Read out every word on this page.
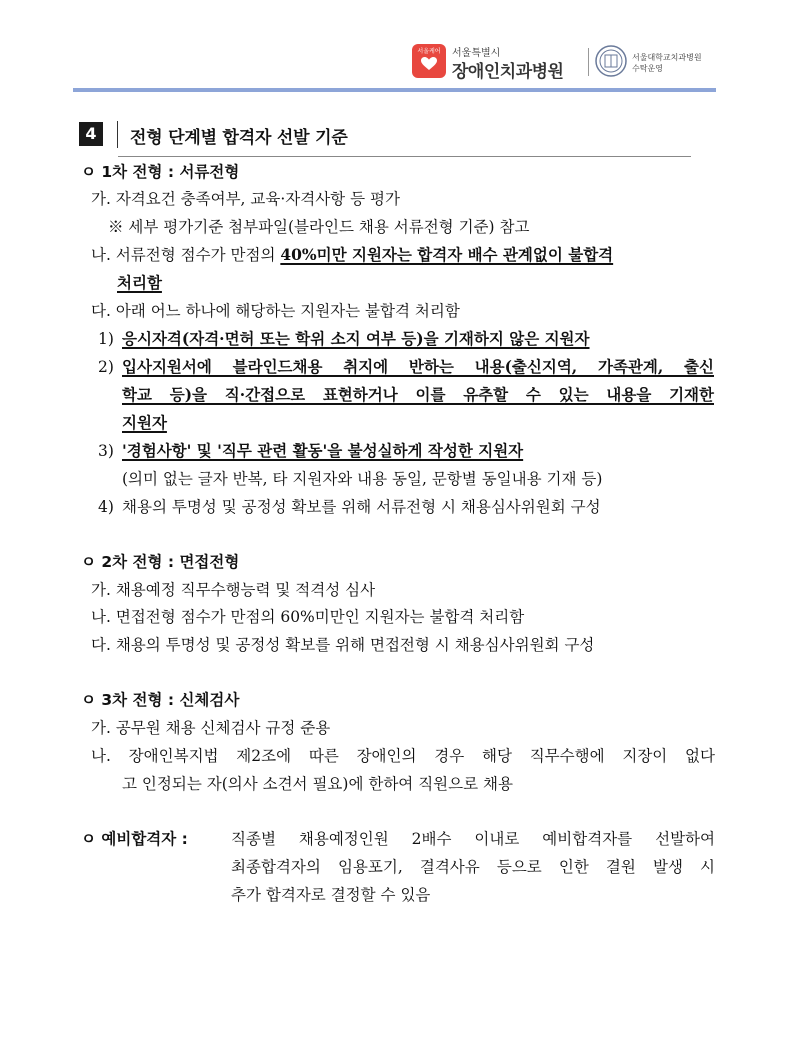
서울케어	서울특별시
장애인치과병원
서울대학교치과병원
수탁운영
4	전형 단계별 합격자 선발 기준
ㅇ 1차 전형 : 서류전형
가. 자격요건 충족여부, 교육·자격사항 등 평가
※ 세부 평가기준 첨부파일(블라인드 채용 서류전형 기준) 참고
나. 서류전형 점수가 만점의 40%미만 지원자는 합격자 배수 관계없이 불합격
처리함
다. 아래 어느 하나에 해당하는 지원자는 불합격 처리함
1) 응시자격(자격·면허 또는 학위 소지 여부 등)을 기재하지 않은 지원자
2) 입사지원서에 블라인드채용 취지에 반하는 내용(출신지역, 가족관계, 출신
학교 등)을 직·간접으로 표현하거나 이를 유추할 수 있는 내용을 기재한
지원자
3) '경험사항' 및 '직무 관련 활동'을 불성실하게 작성한 지원자
(의미 없는 글자 반복, 타 지원자와 내용 동일, 문항별 동일내용 기재 등)
4) 채용의 투명성 및 공정성 확보를 위해 서류전형 시 채용심사위원회 구성
ㅇ 2차 전형 : 면접전형
가. 채용예정 직무수행능력 및 적격성 심사
나. 면접전형 점수가 만점의 60%미만인 지원자는 불합격 처리함
다. 채용의 투명성 및 공정성 확보를 위해 면접전형 시 채용심사위원회 구성
ㅇ 3차 전형 : 신체검사
가. 공무원 채용 신체검사 규정 준용
나. 장애인복지법 제2조에 따른 장애인의 경우 해당 직무수행에 지장이 없다
고 인정되는 자(의사 소견서 필요)에 한하여 직원으로 채용
ㅇ 예비합격자 :	직종별 채용예정인원 2배수 이내로 예비합격자를 선발하여
최종합격자의 임용포기, 결격사유 등으로 인한 결원 발생 시
추가 합격자로 결정할 수 있음
